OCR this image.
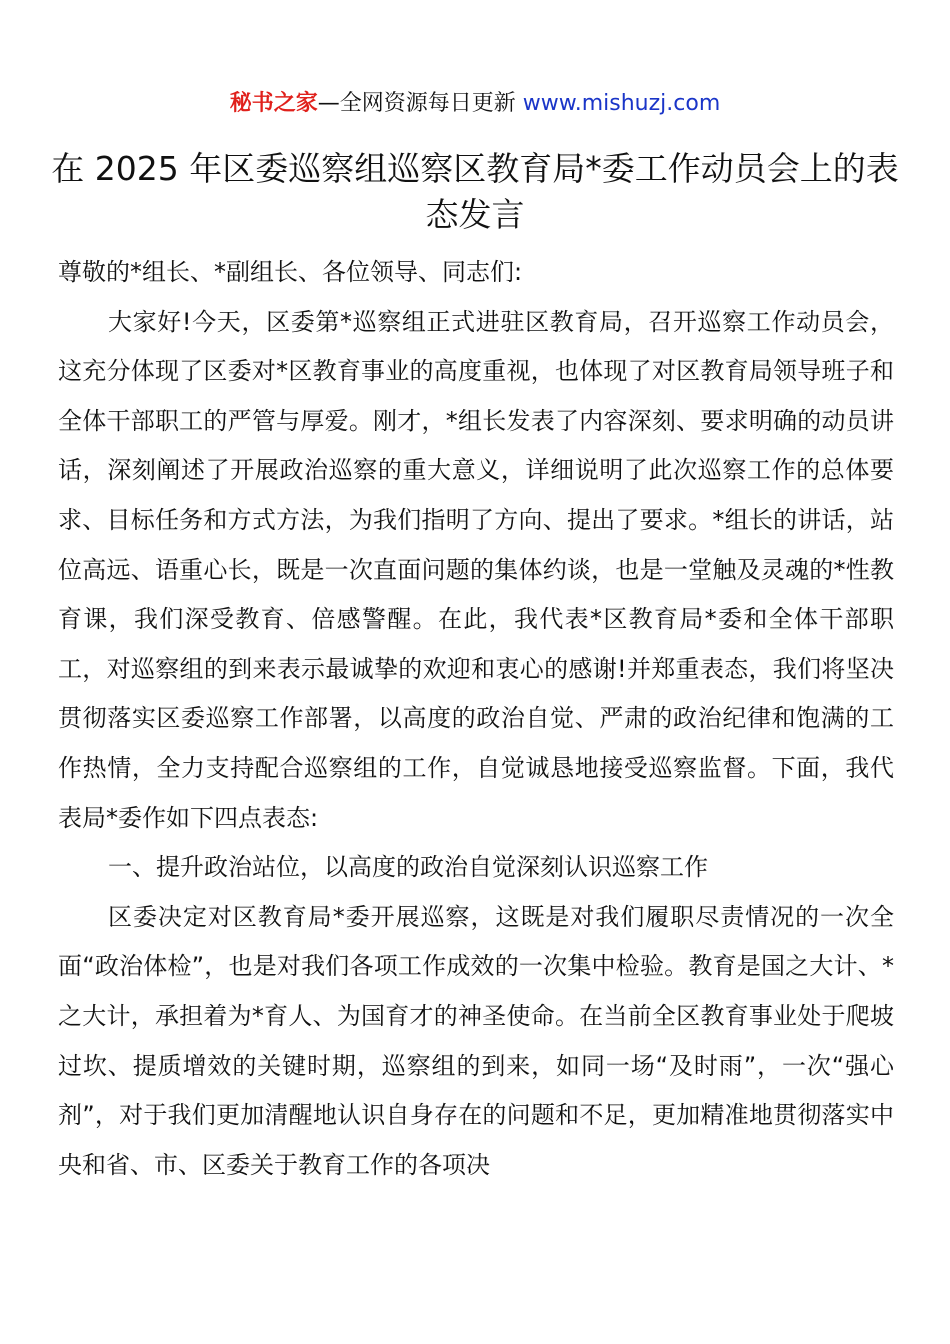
秘书之家—全网资源每日更新 www.mishuzj.com
在 2025 年区委巡察组巡察区教育局*委工作动员会上的表态发言

尊敬的*组长、*副组长、各位领导、同志们:

大家好!今天，区委第*巡察组正式进驻区教育局，召开巡察工作动员会，这充分体现了区委对*区教育事业的高度重视，也体现了对区教育局领导班子和全体干部职工的严管与厚爱。刚才，*组长发表了内容深刻、要求明确的动员讲话，深刻阐述了开展政治巡察的重大意义，详细说明了此次巡察工作的总体要求、目标任务和方式方法，为我们指明了方向、提出了要求。*组长的讲话，站位高远、语重心长，既是一次直面问题的集体约谈，也是一堂触及灵魂的*性教育课，我们深受教育、倍感警醒。在此，我代表*区教育局*委和全体干部职工，对巡察组的到来表示最诚挚的欢迎和衷心的感谢!并郑重表态，我们将坚决贯彻落实区委巡察工作部署，以高度的政治自觉、严肃的政治纪律和饱满的工作热情，全力支持配合巡察组的工作，自觉诚恳地接受巡察监督。下面，我代表局*委作如下四点表态:

一、提升政治站位，以高度的政治自觉深刻认识巡察工作

区委决定对区教育局*委开展巡察，这既是对我们履职尽责情况的一次全面“政治体检”，也是对我们各项工作成效的一次集中检验。教育是国之大计、*之大计，承担着为*育人、为国育才的神圣使命。在当前全区教育事业处于爬坡过坎、提质增效的关键时期，巡察组的到来，如同一场“及时雨”，一次“强心剂”，对于我们更加清醒地认识自身存在的问题和不足，更加精准地贯彻落实中央和省、市、区委关于教育工作的各项决
